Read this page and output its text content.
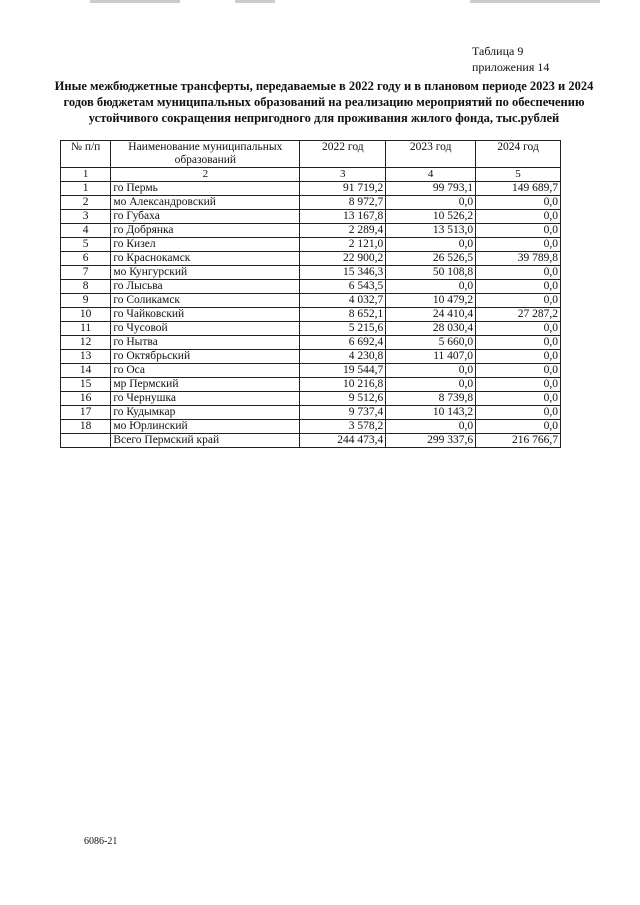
Таблица 9
приложения 14
Иные межбюджетные трансферты, передаваемые в 2022 году и в плановом периоде 2023 и 2024 годов бюджетам муниципальных образований на реализацию мероприятий по обеспечению устойчивого сокращения непригодного для проживания жилого фонда, тыс.рублей
№ п/п	Наименование муниципальных образований	2022 год	2023 год	2024 год
1	2	3	4	5
1	го Пермь	91 719,2	99 793,1	149 689,7
2	мо Александровский	8 972,7	0,0	0,0
3	го Губаха	13 167,8	10 526,2	0,0
4	го Добрянка	2 289,4	13 513,0	0,0
5	го Кизел	2 121,0	0,0	0,0
6	го Краснокамск	22 900,2	26 526,5	39 789,8
7	мо Кунгурский	15 346,3	50 108,8	0,0
8	го Лысьва	6 543,5	0,0	0,0
9	го Соликамск	4 032,7	10 479,2	0,0
10	го Чайковский	8 652,1	24 410,4	27 287,2
11	го Чусовой	5 215,6	28 030,4	0,0
12	го Нытва	6 692,4	5 660,0	0,0
13	го Октябрьский	4 230,8	11 407,0	0,0
14	го Оса	19 544,7	0,0	0,0
15	мр Пермский	10 216,8	0,0	0,0
16	го Чернушка	9 512,6	8 739,8	0,0
17	го Кудымкар	9 737,4	10 143,2	0,0
18	мо Юрлинский	3 578,2	0,0	0,0
	Всего Пермский край	244 473,4	299 337,6	216 766,7
6086-21
